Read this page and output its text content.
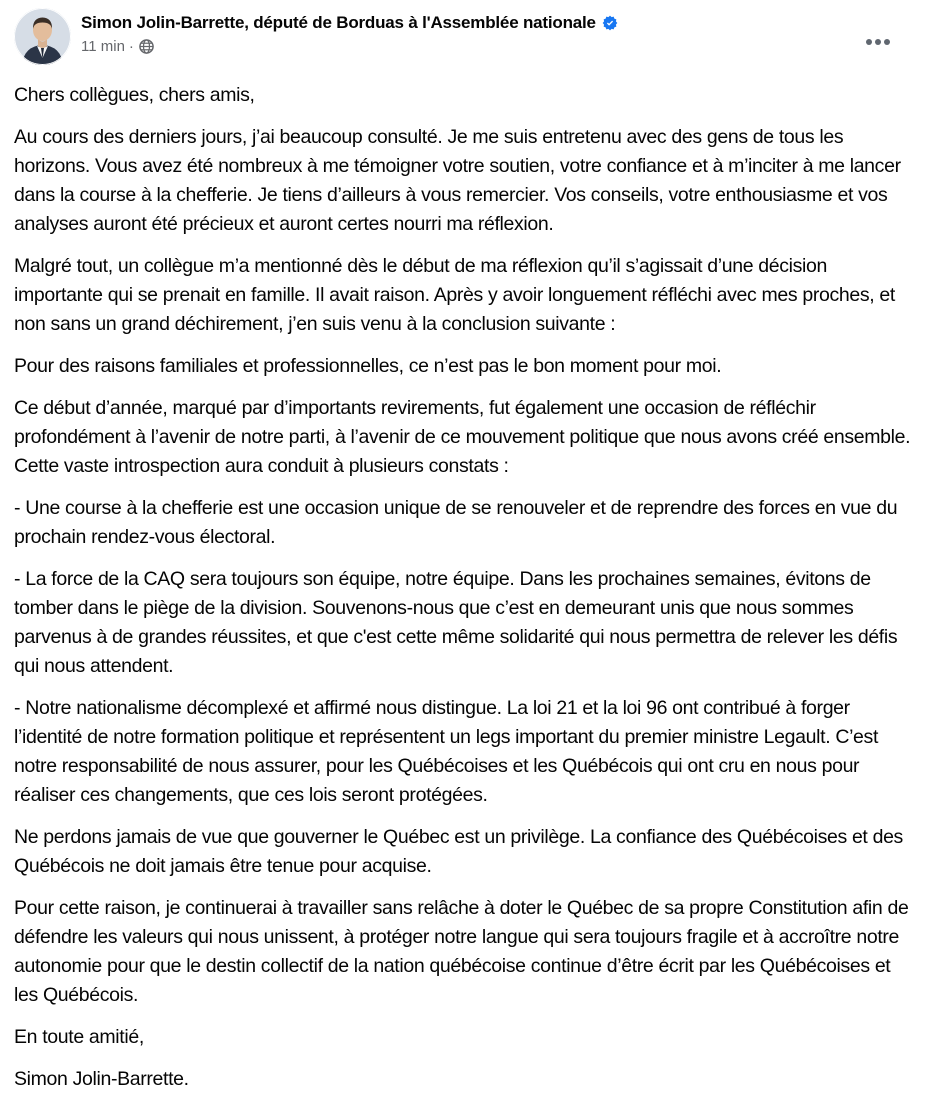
Simon Jolin-Barrette, député de Borduas à l'Assemblée nationale
11 min ·

Chers collègues, chers amis,

Au cours des derniers jours, j’ai beaucoup consulté. Je me suis entretenu avec des gens de tous les horizons. Vous avez été nombreux à me témoigner votre soutien, votre confiance et à m’inciter à me lancer dans la course à la chefferie. Je tiens d’ailleurs à vous remercier. Vos conseils, votre enthousiasme et vos analyses auront été précieux et auront certes nourri ma réflexion.

Malgré tout, un collègue m’a mentionné dès le début de ma réflexion qu’il s’agissait d’une décision importante qui se prenait en famille. Il avait raison. Après y avoir longuement réfléchi avec mes proches, et non sans un grand déchirement, j’en suis venu à la conclusion suivante :

Pour des raisons familiales et professionnelles, ce n’est pas le bon moment pour moi.

Ce début d’année, marqué par d’importants revirements, fut également une occasion de réfléchir profondément à l’avenir de notre parti, à l’avenir de ce mouvement politique que nous avons créé ensemble. Cette vaste introspection aura conduit à plusieurs constats :

- Une course à la chefferie est une occasion unique de se renouveler et de reprendre des forces en vue du prochain rendez-vous électoral.

- La force de la CAQ sera toujours son équipe, notre équipe. Dans les prochaines semaines, évitons de tomber dans le piège de la division. Souvenons-nous que c’est en demeurant unis que nous sommes parvenus à de grandes réussites, et que c'est cette même solidarité qui nous permettra de relever les défis qui nous attendent.

- Notre nationalisme décomplexé et affirmé nous distingue. La loi 21 et la loi 96 ont contribué à forger l’identité de notre formation politique et représentent un legs important du premier ministre Legault. C’est notre responsabilité de nous assurer, pour les Québécoises et les Québécois qui ont cru en nous pour réaliser ces changements, que ces lois seront protégées.

Ne perdons jamais de vue que gouverner le Québec est un privilège. La confiance des Québécoises et des Québécois ne doit jamais être tenue pour acquise.

Pour cette raison, je continuerai à travailler sans relâche à doter le Québec de sa propre Constitution afin de défendre les valeurs qui nous unissent, à protéger notre langue qui sera toujours fragile et à accroître notre autonomie pour que le destin collectif de la nation québécoise continue d’être écrit par les Québécoises et les Québécois.

En toute amitié,

Simon Jolin-Barrette.
